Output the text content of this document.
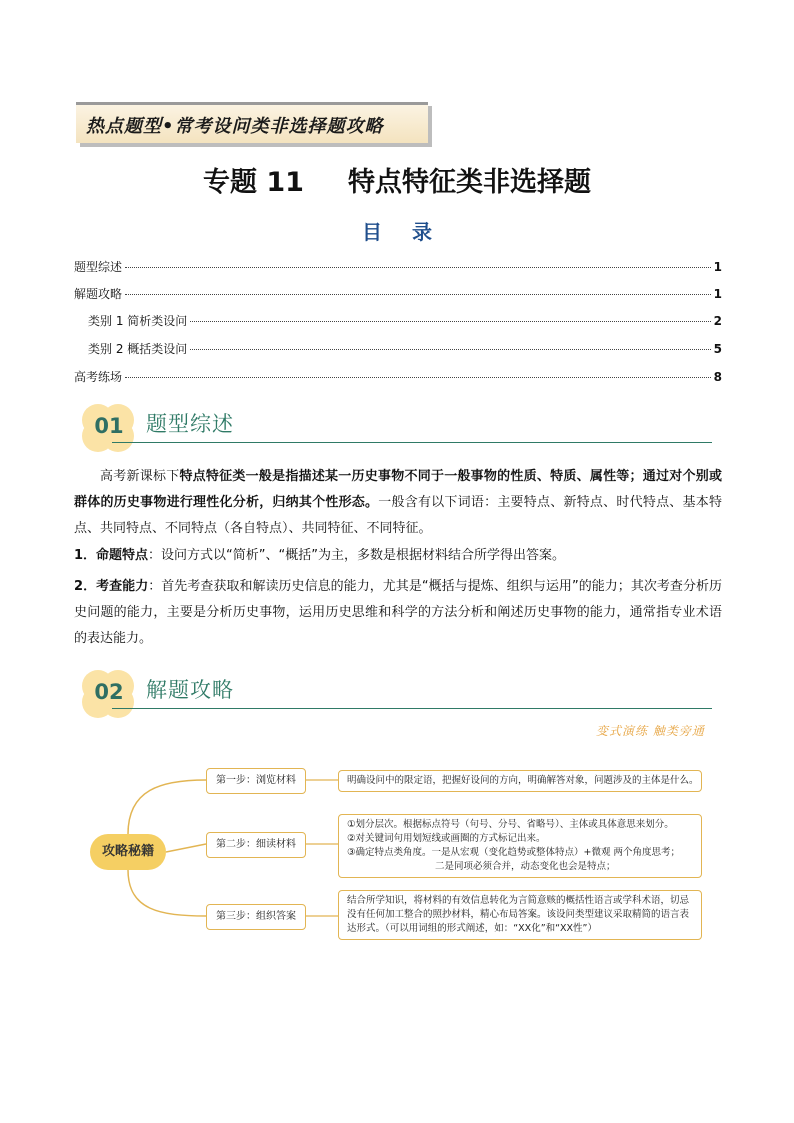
热点题型•常考设问类非选择题攻略
专题 11 特点特征类非选择题
目录
题型综述	1
解题攻略	1
类别 1 简析类设问	2
类别 2 概括类设问	5
高考练场	8
01	题型综述
高考新课标下特点特征类一般是指描述某一历史事物不同于一般事物的性质、特质、属性等；通过对个别或群体的历史事物进行理性化分析，归纳其个性形态。一般含有以下词语：主要特点、新特点、时代特点、基本特点、共同特点、不同特点（各自特点）、共同特征、不同特征。
1．命题特点：设问方式以“简析”、“概括”为主，多数是根据材料结合所学得出答案。
2．考查能力：首先考查获取和解读历史信息的能力，尤其是“概括与提炼、组织与运用”的能力；其次考查分析历史问题的能力，主要是分析历史事物，运用历史思维和科学的方法分析和阐述历史事物的能力，通常指专业术语的表达能力。
02	解题攻略
变式演练 触类旁通
攻略秘籍
第一步：浏览材料
第二步：细读材料
第三步：组织答案
明确设问中的限定语，把握好设问的方向，明确解答对象，问题涉及的主体是什么。
①划分层次。根据标点符号（句号、分号、省略号）、主体或具体意思来划分。
②对关键词句用划短线或画圈的方式标记出来。
③确定特点类角度。一是从宏观（变化趋势或整体特点）+微观 两个角度思考；
二是同项必须合并，动态变化也会是特点；
结合所学知识，将材料的有效信息转化为言简意赅的概括性语言或学科术语，切忌没有任何加工整合的照抄材料，精心布局答案。该设问类型建议采取精简的语言表达形式。（可以用词组的形式阐述，如：“XX化”和“XX性”）
